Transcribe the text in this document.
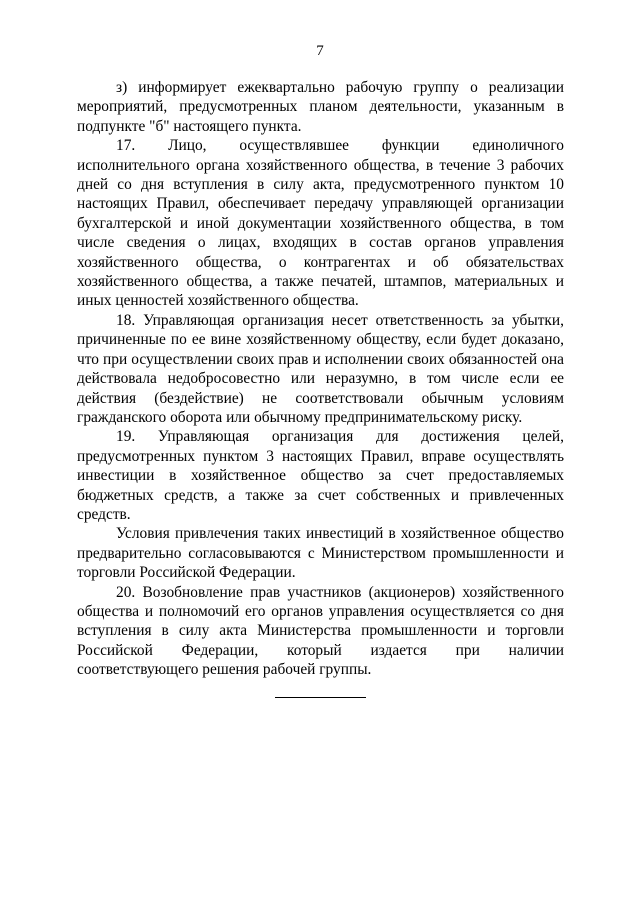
7

з) информирует ежеквартально рабочую группу о реализации мероприятий, предусмотренных планом деятельности, указанным в подпункте "б" настоящего пункта.

17. Лицо, осуществлявшее функции единоличного исполнительного органа хозяйственного общества, в течение 3 рабочих дней со дня вступления в силу акта, предусмотренного пунктом 10 настоящих Правил, обеспечивает передачу управляющей организации бухгалтерской и иной документации хозяйственного общества, в том числе сведения о лицах, входящих в состав органов управления хозяйственного общества, о контрагентах и об обязательствах хозяйственного общества, а также печатей, штампов, материальных и иных ценностей хозяйственного общества.

18. Управляющая организация несет ответственность за убытки, причиненные по ее вине хозяйственному обществу, если будет доказано, что при осуществлении своих прав и исполнении своих обязанностей она действовала недобросовестно или неразумно, в том числе если ее действия (бездействие) не соответствовали обычным условиям гражданского оборота или обычному предпринимательскому риску.

19. Управляющая организация для достижения целей, предусмотренных пунктом 3 настоящих Правил, вправе осуществлять инвестиции в хозяйственное общество за счет предоставляемых бюджетных средств, а также за счет собственных и привлеченных средств.

Условия привлечения таких инвестиций в хозяйственное общество предварительно согласовываются с Министерством промышленности и торговли Российской Федерации.

20. Возобновление прав участников (акционеров) хозяйственного общества и полномочий его органов управления осуществляется со дня вступления в силу акта Министерства промышленности и торговли Российской Федерации, который издается при наличии соответствующего решения рабочей группы.
